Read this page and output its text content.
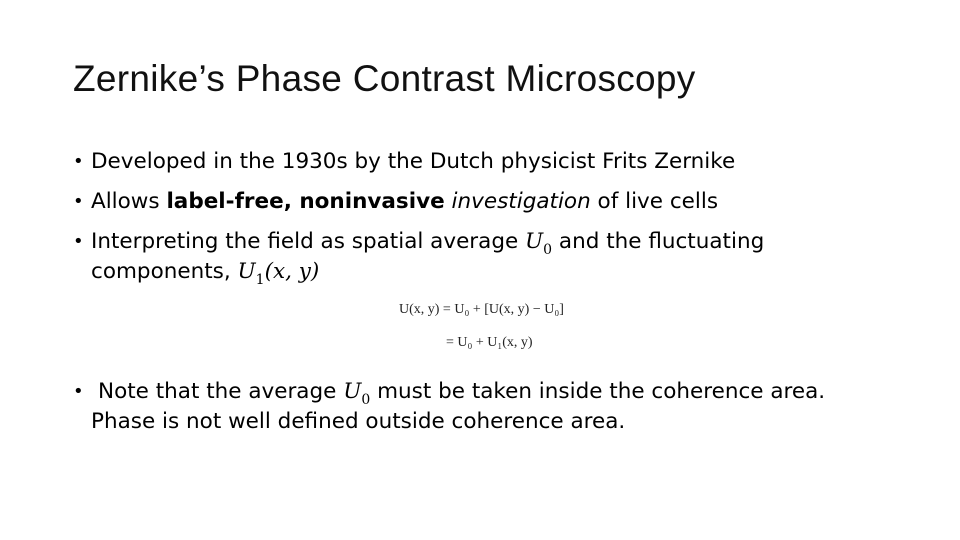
Zernike’s Phase Contrast Microscopy
• Developed in the 1930s by the Dutch physicist Frits Zernike
• Allows label-free, noninvasive investigation of live cells
• Interpreting the field as spatial average $U_0$ and the fluctuating
components, $U_1(x$, y)
• Note that the average $U_0$ must be taken inside the coherence area.
Phase is not well defined outside coherence area.
U(x, y) = U₀ + [U(x, y) − U₀]
= U₀ + U₁(x, y)
